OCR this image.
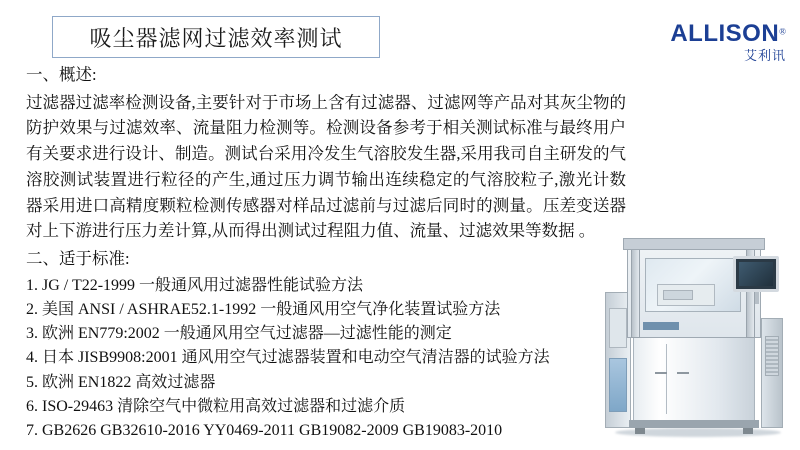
吸尘器滤网过滤效率测试	ALLISON®
艾利讯

一、概述:

过滤器过滤率检测设备,主要针对于市场上含有过滤器、过滤网等产品对其灰尘物的防护效果与过滤效率、流量阻力检测等。检测设备参考于相关测试标准与最终用户有关要求进行设计、制造。测试台采用冷发生气溶胶发生器,采用我司自主研发的气溶胶测试装置进行粒径的产生,通过压力调节输出连续稳定的气溶胶粒子,激光计数器采用进口高精度颗粒检测传感器对样品过滤前与过滤后同时的测量。压差变送器对上下游进行压力差计算,从而得出测试过程阻力值、流量、过滤效果等数据 。

二、适于标准:

1. JG / T22-1999 一般通风用过滤器性能试验方法
2. 美国 ANSI / ASHRAE52.1-1992 一般通风用空气净化装置试验方法
3. 欧洲 EN779:2002 一般通风用空气过滤器—过滤性能的测定
4. 日本 JISB9908:2001 通风用空气过滤器装置和电动空气清洁器的试验方法
5. 欧洲 EN1822 高效过滤器
6. ISO-29463 清除空气中微粒用高效过滤器和过滤介质
7. GB2626 GB32610-2016 YY0469-2011 GB19082-2009 GB19083-2010
